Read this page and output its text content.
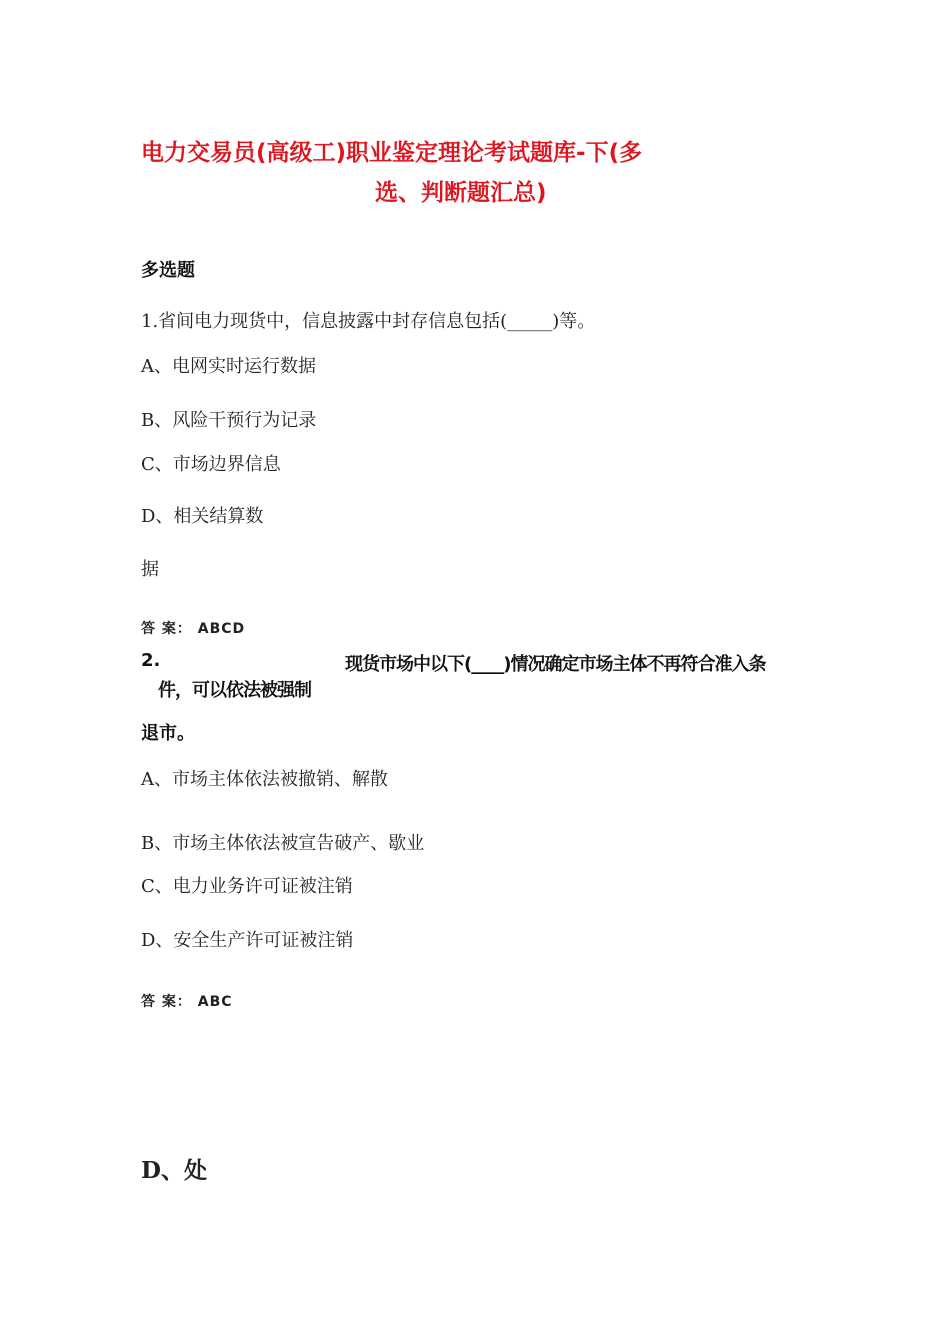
电力交易员(高级工)职业鉴定理论考试题库-下(多
选、判断题汇总)
多选题
1.省间电力现货中，信息披露中封存信息包括(_____)等。
A、电网实时运行数据
B、风险干预行为记录
C、市场边界信息
D、相关结算数
据
答 案： ABCD
2.	现货市场中以下(____)情况确定市场主体不再符合准入条
件，可以依法被强制
退市。
A、市场主体依法被撤销、解散
B、市场主体依法被宣告破产、歇业
C、电力业务许可证被注销
D、安全生产许可证被注销
答 案： ABC
D、处
